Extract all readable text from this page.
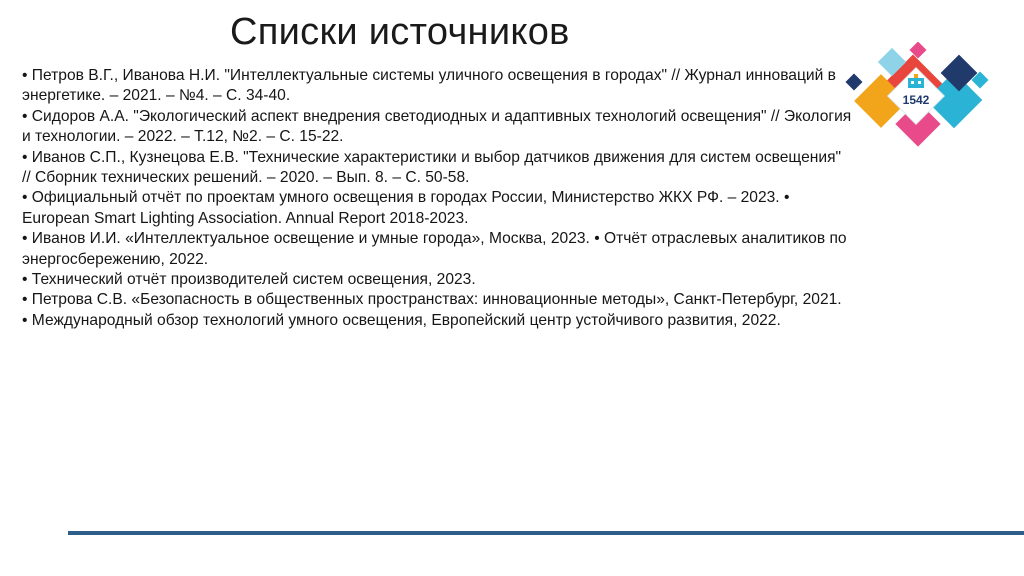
Списки источников
• Петров В.Г., Иванова Н.И. "Интеллектуальные системы уличного освещения в городах" // Журнал инноваций в энергетике. – 2021. – №4. – С. 34-40.
• Сидоров А.А. "Экологический аспект внедрения светодиодных и адаптивных технологий освещения" // Экология и технологии. – 2022. – Т.12, №2. – С. 15-22.
• Иванов С.П., Кузнецова Е.В. "Технические характеристики и выбор датчиков движения для систем освещения" // Сборник технических решений. – 2020. – Вып. 8. – С. 50-58.
• Официальный отчёт по проектам умного освещения в городах России, Министерство ЖКХ РФ. – 2023. • European Smart Lighting Association. Annual Report 2018-2023.
• Иванов И.И. «Интеллектуальное освещение и умные города», Москва, 2023. • Отчёт отраслевых аналитиков по энергосбережению, 2022.
• Технический отчёт производителей систем освещения, 2023.
• Петрова С.В. «Безопасность в общественных пространствах: инновационные методы», Санкт-Петербург, 2021.
• Международный обзор технологий умного освещения, Европейский центр устойчивого развития, 2022.
1542
